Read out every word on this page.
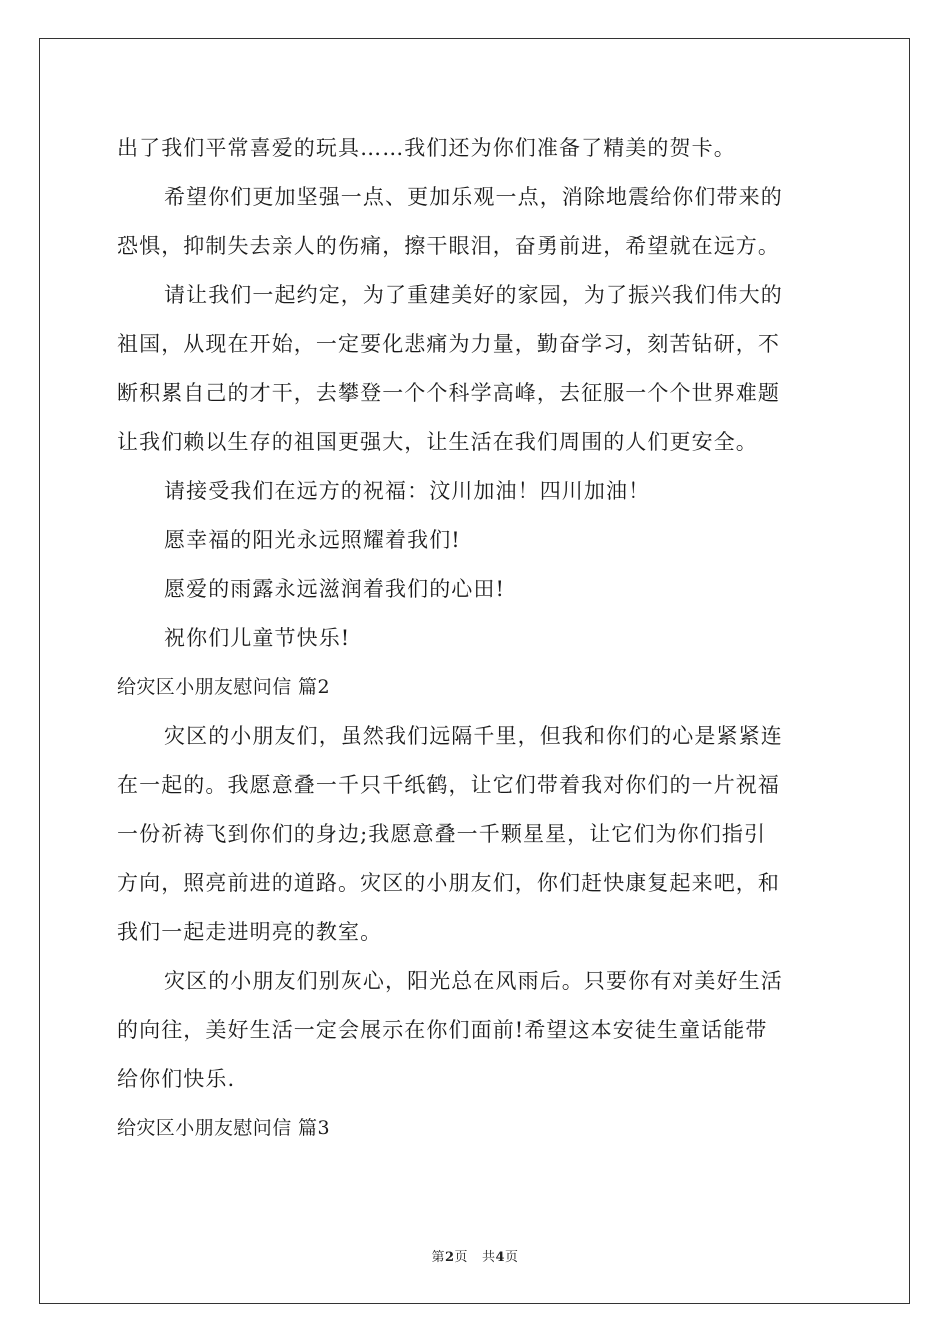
出了我们平常喜爱的玩具……我们还为你们准备了精美的贺卡。
希望你们更加坚强一点、更加乐观一点，消除地震给你们带来的
恐惧，抑制失去亲人的伤痛，擦干眼泪，奋勇前进，希望就在远方。
请让我们一起约定，为了重建美好的家园，为了振兴我们伟大的
祖国，从现在开始，一定要化悲痛为力量，勤奋学习，刻苦钻研，不
断积累自己的才干，去攀登一个个科学高峰，去征服一个个世界难题
让我们赖以生存的祖国更强大，让生活在我们周围的人们更安全。
请接受我们在远方的祝福：汶川加油！四川加油！
愿幸福的阳光永远照耀着我们!
愿爱的雨露永远滋润着我们的心田!
祝你们儿童节快乐!
给灾区小朋友慰问信 篇2
灾区的小朋友们，虽然我们远隔千里，但我和你们的心是紧紧连
在一起的。我愿意叠一千只千纸鹤，让它们带着我对你们的一片祝福
一份祈祷飞到你们的身边;我愿意叠一千颗星星，让它们为你们指引
方向，照亮前进的道路。灾区的小朋友们，你们赶快康复起来吧，和
我们一起走进明亮的教室。
灾区的小朋友们别灰心，阳光总在风雨后。只要你有对美好生活
的向往，美好生活一定会展示在你们面前!希望这本安徒生童话能带
给你们快乐.
给灾区小朋友慰问信 篇3
第2页 共4页
